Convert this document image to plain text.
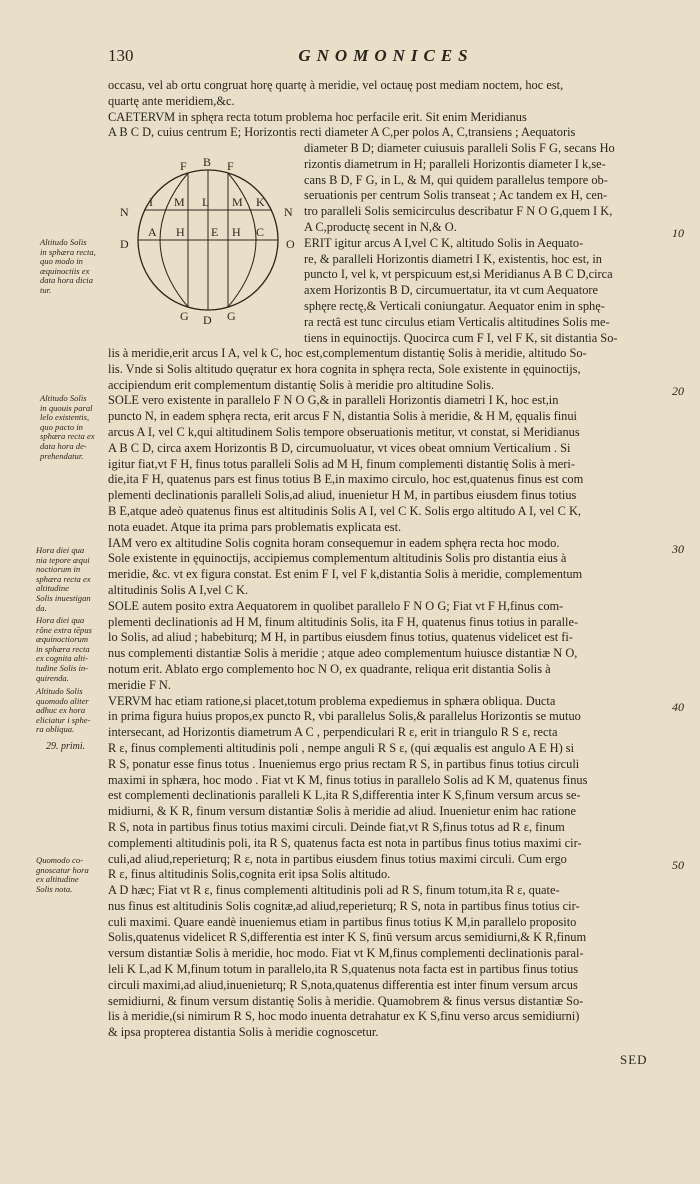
130	GNOMONICES
occasu, vel ab ortu congruat horę quartę à meridie, vel octauę post mediam noctem, hoc est,
quartę ante meridiem,&c.
CAETERVM in sphęra recta totum problema hoc perfacile erit. Sit enim Meridianus
A B C D, cuius centrum E; Horizontis recti diameter A C,per polos A, C,transiens ; Aequatoris
F B F
N
I M L M K
N
D
A H E H C
O
G D G
diameter B D; diameter cuiusuis paralleli Solis F G, secans Ho
rizontis diametrum in H; paralleli Horizontis diameter I k,se-
cans B D, F G, in L, & M, qui quidem parallelus tempore ob-
seruationis per centrum Solis transeat ; Ac tandem ex H, cen-
tro paralleli Solis semicirculus describatur F N O G,quem I K,
A C,productę secent in N,& O.
ERIT igitur arcus A I,vel C K, altitudo Solis in Aequato-
re, & paralleli Horizontis diametri I K, existentis, hoc est, in
puncto I, vel k, vt perspicuum est,si Meridianus A B C D,circa
axem Horizontis B D, circumuertatur, ita vt cum Aequatore
sphęre rectę,& Verticali coniungatur. Aequator enim in sphę-
ra rectâ est tunc circulus etiam Verticalis altitudines Solis me-
tiens in equinoctijs. Quocirca cum F I, vel F K, sit distantia So-
lis à meridie,erit arcus I A, vel k C, hoc est,complementum distantię Solis à meridie, altitudo So-
lis. Vnde si Solis altitudo quęratur ex hora cognita in sphęra recta, Sole existente in ęquinoctijs,
accipiendum erit complementum distantię Solis à meridie pro altitudine Solis.
SOLE vero existente in parallelo F N O G,& in paralleli Horizontis diametri I K, hoc est,in
puncto N, in eadem sphęra recta, erit arcus F N, distantia Solis à meridie, & H M, ęqualis finui
arcus A I, vel C k,qui altitudinem Solis tempore obseruationis metitur, vt constat, si Meridianus
A B C D, circa axem Horizontis B D, circumuoluatur, vt vices obeat omnium Verticalium . Si
igitur fiat,vt F H, finus totus paralleli Solis ad M H, finum complementi distantię Solis à meri-
die,ita F H, quatenus pars est finus totius B E,in maximo circulo, hoc est,quatenus finus est com
plementi declinationis paralleli Solis,ad aliud, inuenietur H M, in partibus eiusdem finus totius
B E,atque adeò quatenus finus est altitudinis Solis A I, vel C K. Solis ergo altitudo A I, vel C K,
nota euadet. Atque ita prima pars problematis explicata est.
IAM vero ex altitudine Solis cognita horam consequemur in eadem sphęra recta hoc modo.
Sole existente in ęquinoctijs, accipiemus complementum altitudinis Solis pro distantia eius à
meridie, &c. vt ex figura constat. Est enim F I, vel F k,distantia Solis à meridie, complementum
altitudinis Solis A I,vel C K.
SOLE autem posito extra Aequatorem in quolibet parallelo F N O G; Fiat vt F H,finus com-
plementi declinationis ad H M, finum altitudinis Solis, ita F H, quatenus finus totius in paralle-
lo Solis, ad aliud ; habebiturq; M H, in partibus eiusdem finus totius, quatenus videlicet est fi-
nus complementi distantiæ Solis à meridie ; atque adeo complementum huiusce distantiæ N O,
notum erit. Ablato ergo complemento hoc N O, ex quadrante, reliqua erit distantia Solis à
meridie F N.
VERVM hac etiam ratione,si placet,totum problema expediemus in sphæra obliqua. Ducta
in prima figura huius propos,ex puncto R, vbi parallelus Solis,& parallelus Horizontis se mutuo
intersecant, ad Horizontis diametrum A C , perpendiculari R ε, erit in triangulo R S ε, recta
R ε, finus complementi altitudinis poli , nempe anguli R S ε, (qui æqualis est angulo A E H) si
R S, ponatur esse finus totus . Inueniemus ergo prius rectam R S, in partibus finus totius circuli
maximi in sphæra, hoc modo . Fiat vt K M, finus totius in parallelo Solis ad K M, quatenus finus
est complementi declinationis paralleli K L,ita R S,differentia inter K S,finum versum arcus se-
midiurni, & K R, finum versum distantiæ Solis à meridie ad aliud. Inuenietur enim hac ratione
R S, nota in partibus finus totius maximi circuli. Deinde fiat,vt R S,finus totus ad R ε, finum
complementi altitudinis poli, ita R S, quatenus facta est nota in partibus finus totius maximi cir-
culi,ad aliud,reperieturq; R ε, nota in partibus eiusdem finus totius maximi circuli. Cum ergo
R ε, finus altitudinis Solis,cognita erit ipsa Solis altitudo.
A D hæc; Fiat vt R ε, finus complementi altitudinis poli ad R S, finum totum,ita R ε, quate-
nus finus est altitudinis Solis cognitæ,ad aliud,reperieturq; R S, nota in partibus finus totius cir-
culi maximi. Quare eandè inueniemus etiam in partibus finus totius K M,in parallelo proposito
Solis,quatenus videlicet R S,differentia est inter K S, finū versum arcus semidiurni,& K R,finum
versum distantiæ Solis à meridie, hoc modo. Fiat vt K M,finus complementi declinationis paral-
leli K L,ad K M,finum totum in parallelo,ita R S,quatenus nota facta est in partibus finus totius
circuli maximi,ad aliud,inuenieturq; R S,nota,quatenus differentia est inter finum versum arcus
semidiurni, & finum versum distantię Solis à meridie. Quamobrem & finus versus distantiæ So-
lis à meridie,(si nimirum R S, hoc modo inuenta detrahatur ex K S,finu verso arcus semidiurni)
& ipsa propterea distantia Solis à meridie cognoscetur.
Altitudo Solis
in sphæra recta,
quo modo in
æquinoctiis ex
data hora dicia
tur.
Altitudo Solis
in quouis paral
lelo existentis,
quo pacto in
sphæra recta ex
data hora de-
prehendatur.
Hora diei qua
nia tepore æqui
noctiorum in
sphæra recta ex
altitudine
Solis inuestigan
da.
Hora diei qua
rône extra tēpus
æquinoctiorum
in sphæra recta
ex cognita alti-
tudine Solis in-
quirenda.
Altitudo Solis
quomodo aliter
adhuc ex hora
eliciatur i sphe-
ra obliqua.
29. primi.
Quomodo co-
gnoscatur hora
ex altitudine
Solis nota.
10
20
30
40
50
SED
